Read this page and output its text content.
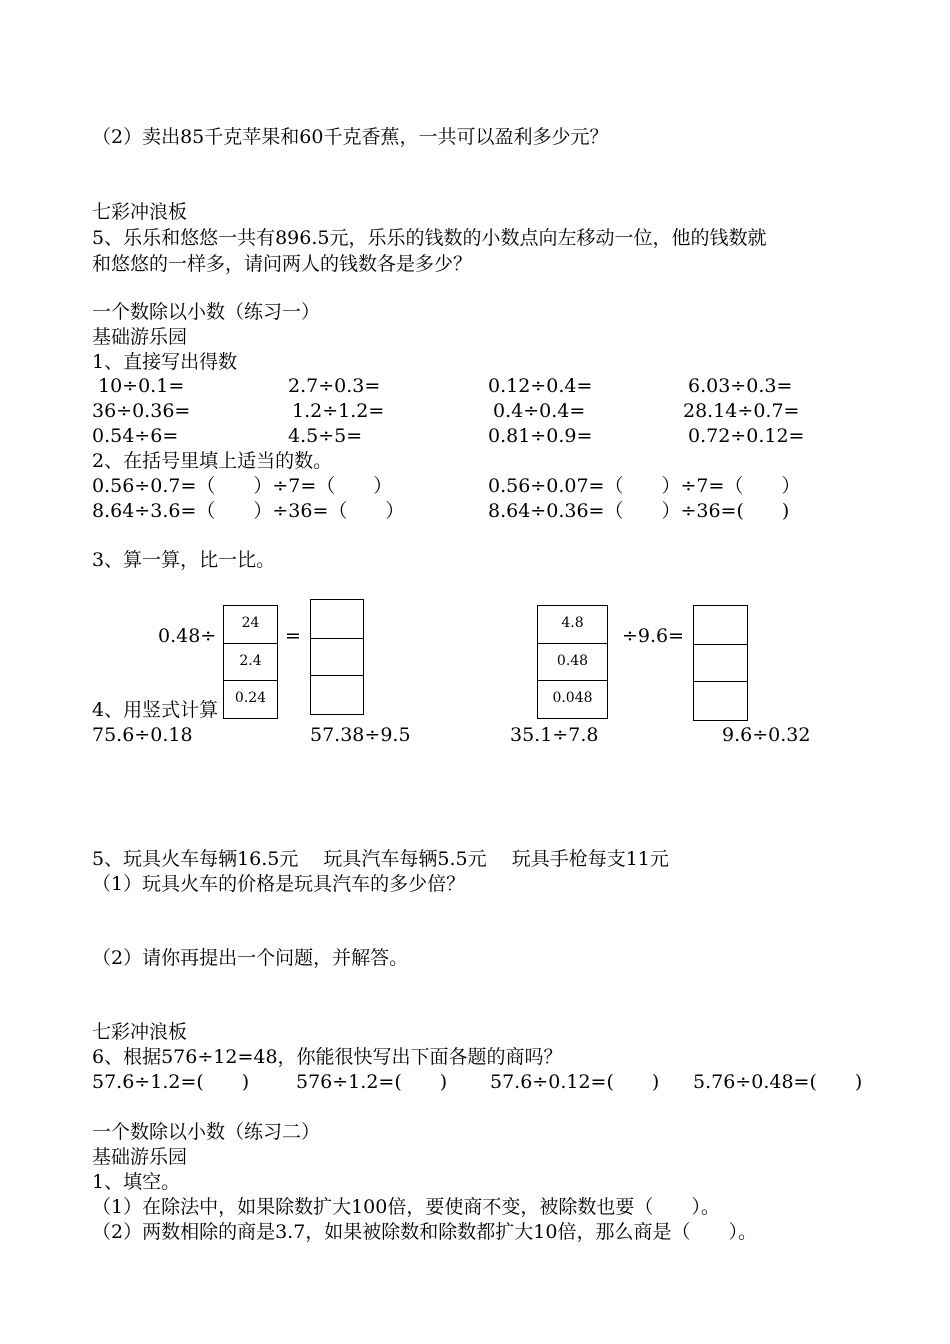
（2）卖出85千克苹果和60千克香蕉，一共可以盈利多少元？
七彩冲浪板
5、乐乐和悠悠一共有896.5元，乐乐的钱数的小数点向左移动一位，他的钱数就
和悠悠的一样多，请问两人的钱数各是多少？
一个数除以小数（练习一）
基础游乐园
1、直接写出得数
10÷0.1=	2.7÷0.3=	0.12÷0.4=	6.03÷0.3=
36÷0.36=	1.2÷1.2=	0.4÷0.4=	28.14÷0.7=
0.54÷6=	4.5÷5=	0.81÷0.9=	0.72÷0.12=
2、在括号里填上适当的数。
0.56÷0.7=（　　）÷7=（　　）	0.56÷0.07=（　　）÷7=（　　）
8.64÷3.6=（　　）÷36=（　　）	8.64÷0.36=（　　）÷36=(　　)
3、算一算，比一比。
4、用竖式计算
0.48÷
24
2.4
0.24
=
4.8
0.48
0.048
÷9.6=
75.6÷0.18	57.38÷9.5	35.1÷7.8	9.6÷0.32
5、玩具火车每辆16.5元　 玩具汽车每辆5.5元　 玩具手枪每支11元
（1）玩具火车的价格是玩具汽车的多少倍？
（2）请你再提出一个问题，并解答。
七彩冲浪板
6、根据576÷12=48，你能很快写出下面各题的商吗？
57.6÷1.2=(　　) 576÷1.2=(　　) 57.6÷0.12=(　　) 5.76÷0.48=(　　)
一个数除以小数（练习二）
基础游乐园
1、填空。
（1）在除法中，如果除数扩大100倍，要使商不变，被除数也要（　　）。
（2）两数相除的商是3.7，如果被除数和除数都扩大10倍，那么商是（　　）。
